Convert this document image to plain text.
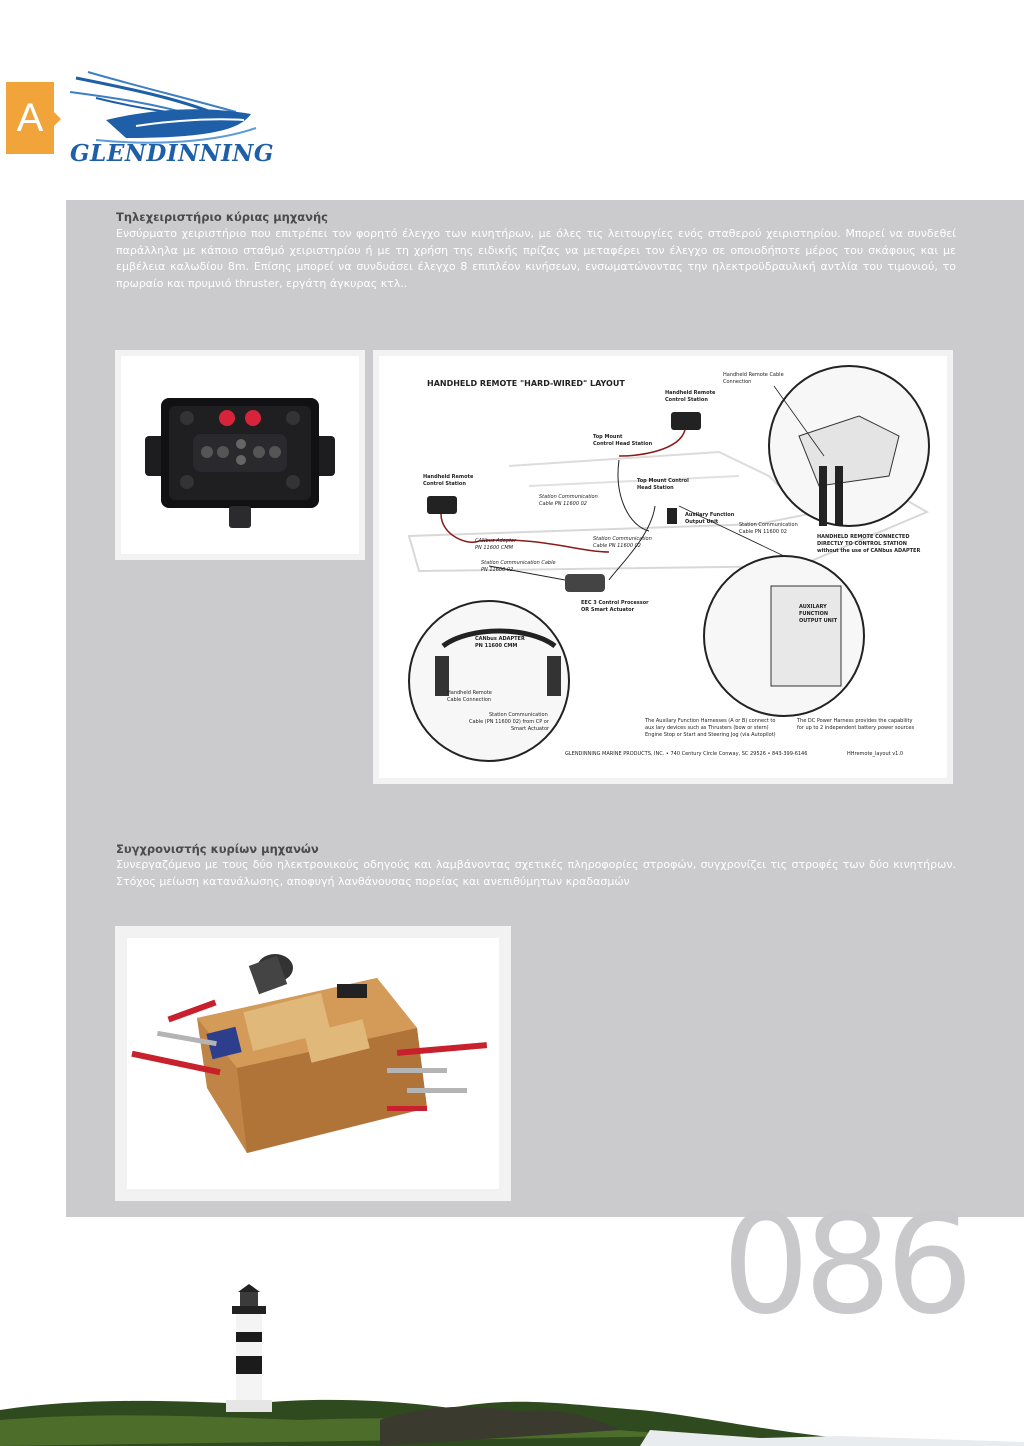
A
GLENDINNING
Τηλεχειριστήριο κύριας μηχανής

Ενσύρματο χειριστήριο που επιτρέπει τον φορητό έλεγχο των κινητήρων, με όλες τις λειτουργίες ενός σταθερού χειριστηρίου. Μπορεί να συνδεθεί παράλληλα με κάποιο σταθμό χειριστηρίου ή με τη χρήση της ειδικής πρίζας να μεταφέρει τον έλεγχο σε οποιοδήποτε μέρος του σκάφους και με εμβέλεια καλωδίου 8m. Επίσης μπορεί να συνδυάσει έλεγχο 8 επιπλέον κινήσεων, ενσωματώνοντας την ηλεκτροϋδραυλική αντλία του τιμονιού, το πρωραίο και πρυμνιό thruster, εργάτη άγκυρας κτλ..

HANDHELD REMOTE "HARD-WIRED" LAYOUT
Handheld Remote Control Station
Handheld Remote Cable Connection
Top Mount Control Head Station
Top Mount Control Head Station
Handheld Remote Control Station
Station Communication Cable PN 11600 02
Auxilary Function Output Unit	Station Communication Cable PN 11600 02
CANbus Adapter PN 11600 CMM
Station Communication Cable PN 11600 02
Station Communication Cable PN 11600 02
HANDHELD REMOTE CONNECTED DIRECTLY TO CONTROL STATION without the use of CANbus ADAPTER
EEC 3 Control Processor OR Smart Actuator
CANbus ADAPTER PN 11600 CMM
Handheld Remote Cable Connection
Station Communication Cable (PN 11600 02) from CP or Smart Actuator
AUXILARY FUNCTION OUTPUT UNIT
The Auxilary Function Harnesses (A or B) connect to aux lary devices such as Thrusters (bow or stern) Engine Stop or Start and Steering Jog (via Autopilot)
The DC Power Harness provides the capability for up to 2 independent battery power sources
GLENDINNING MARINE PRODUCTS, INC. • 740 Century Circle Conway, SC 29526 • 843-399-6146	HHremote_layout v1.0
Συγχρονιστής κυρίων μηχανών

Συνεργαζόμενο με τους δύο ηλεκτρονικούς οδηγούς και λαμβάνοντας σχετικές πληροφορίες στροφών, συγχρονίζει τις στροφές των δύο κινητήρων. Στόχος μείωση κατανάλωσης, αποφυγή λανθάνουσας πορείας και ανεπιθύμητων κραδασμών

086
